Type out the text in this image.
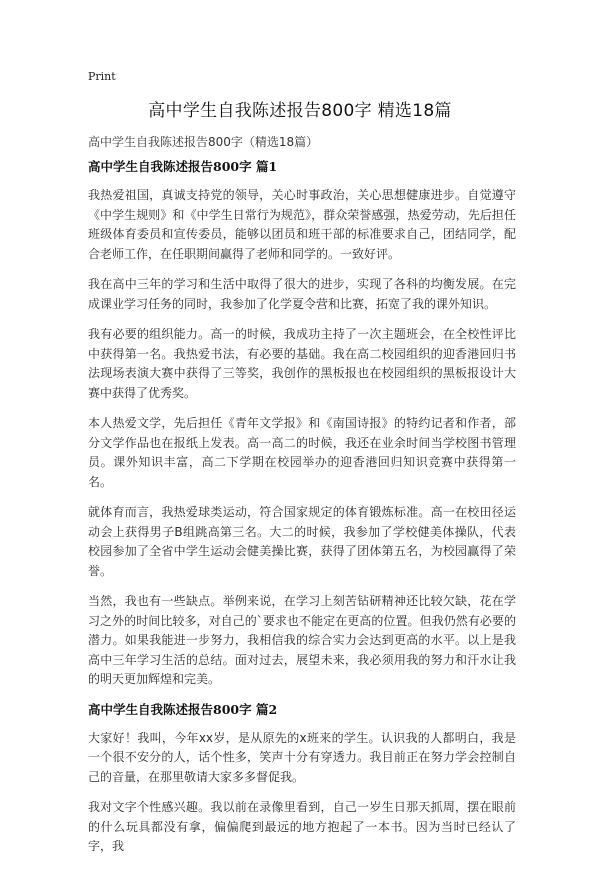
Print
高中学生自我陈述报告800字 精选18篇
高中学生自我陈述报告800字（精选18篇）
高中学生自我陈述报告800字 篇1

我热爱祖国，真诚支持党的领导，关心时事政治，关心思想健康进步。自觉遵守《中学生规则》和《中学生日常行为规范》，群众荣誉感强，热爱劳动，先后担任班级体育委员和宣传委员，能够以团员和班干部的标准要求自己，团结同学，配合老师工作，在任职期间赢得了老师和同学的。一致好评。

我在高中三年的学习和生活中取得了很大的进步，实现了各科的均衡发展。在完成课业学习任务的同时，我参加了化学夏令营和比赛，拓宽了我的课外知识。

我有必要的组织能力。高一的时候，我成功主持了一次主题班会，在全校性评比中获得第一名。我热爱书法，有必要的基础。我在高二校园组织的迎香港回归书法现场表演大赛中获得了三等奖，我创作的黑板报也在校园组织的黑板报设计大赛中获得了优秀奖。

本人热爱文学，先后担任《青年文学报》和《南国诗报》的特约记者和作者，部分文学作品也在报纸上发表。高一高二的时候，我还在业余时间当学校图书管理员。课外知识丰富，高二下学期在校园举办的迎香港回归知识竞赛中获得第一名。

就体育而言，我热爱球类运动，符合国家规定的体育锻炼标准。高一在校田径运动会上获得男子B组跳高第三名。大二的时候，我参加了学校健美体操队，代表校园参加了全省中学生运动会健美操比赛，获得了团体第五名，为校园赢得了荣誉。

当然，我也有一些缺点。举例来说，在学习上刻苦钻研精神还比较欠缺，花在学习之外的时间比较多，对自己的`要求也不能定在更高的位置。但我仍然有必要的潜力。如果我能进一步努力，我相信我的综合实力会达到更高的水平。以上是我高中三年学习生活的总结。面对过去，展望未来，我必须用我的努力和汗水让我的明天更加辉煌和完美。

高中学生自我陈述报告800字 篇2

大家好！我叫，今年xx岁，是从原先的x班来的学生。认识我的人都明白，我是一个很不安分的人，话个性多，笑声十分有穿透力。我目前正在努力学会控制自己的音量，在那里敬请大家多多督促我。

我对文字个性感兴趣。我以前在录像里看到，自己一岁生日那天抓周，摆在眼前的什么玩具都没有拿，偏偏爬到最远的地方抱起了一本书。因为当时已经认了字，我
